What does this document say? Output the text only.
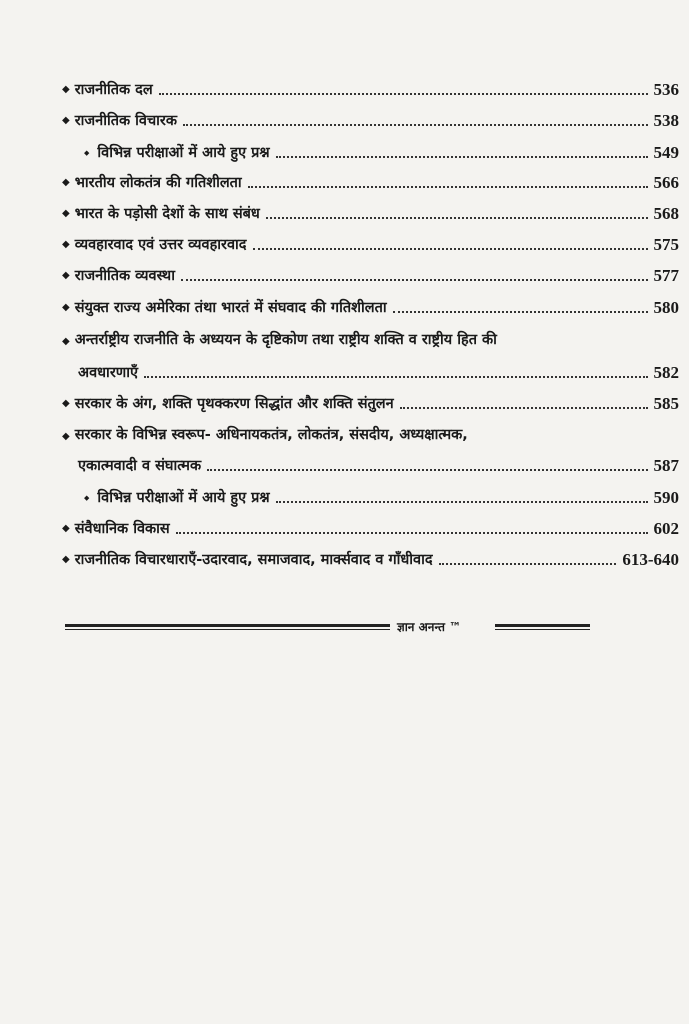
◆ राजनीतिक दल	536
◆ राजनीतिक विचारक	538
◆ विभिन्न परीक्षाओं में आये हुए प्रश्न	549
◆ भारतीय लोकतंत्र की गतिशीलता	566
◆ भारत के पड़ोसी देशों के साथ संबंध	568
◆ व्यवहारवाद एवं उत्तर व्यवहारवाद	575
◆ राजनीतिक व्यवस्था	577
◆ संयुक्त राज्य अमेरिका तंथा भारतं में संघवाद की गतिशीलता	580
◆ अन्तर्राष्ट्रीय राजनीति के अध्ययन के दृष्टिकोण तथा राष्ट्रीय शक्ति व राष्ट्रीय हित की
अवधारणाएँ	582
◆ सरकार के अंग, शक्ति पृथक्करण सिद्धांत और शक्ति संतुलन	585
◆ सरकार के विभिन्न स्वरूप- अधिनायकतंत्र, लोकतंत्र, संसदीय, अध्यक्षात्मक,
एकात्मवादी व संघात्मक	587
◆ विभिन्न परीक्षाओं में आये हुए प्रश्न	590
◆ संवैधानिक विकास	602
◆ राजनीतिक विचारधाराएँ-उदारवाद, समाजवाद, मार्क्सवाद व गाँधीवाद	613-640
ज्ञान अनन्त ™
